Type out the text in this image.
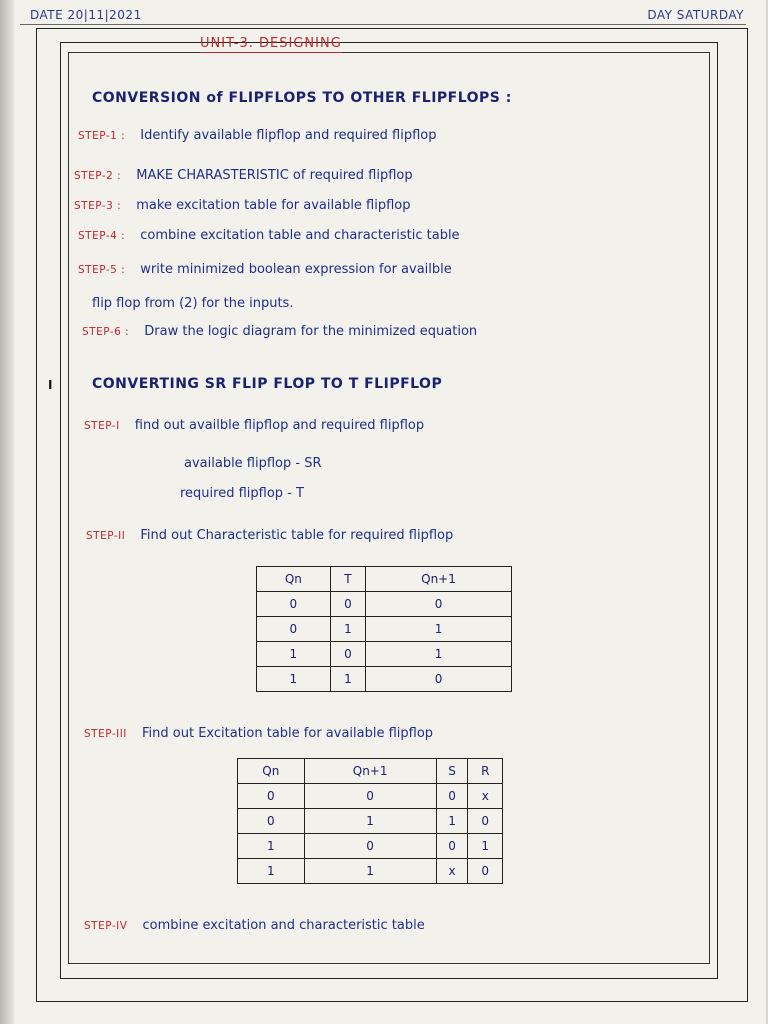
DATE 20|11|2021	DAY SATURDAY
UNIT-3. DESIGNING
CONVERSION of FLIPFLOPS TO OTHER FLIPFLOPS :
STEP-1 : Identify available flipflop and required flipflop
STEP-2 : MAKE CHARASTERISTIC of required flipflop
STEP-3 : make excitation table for available flipflop
STEP-4 : combine excitation table and characteristic table
STEP-5 : write minimized boolean expression for availble
flip flop from (2) for the inputs.
STEP-6 : Draw the logic diagram for the minimized equation
I	CONVERTING SR FLIP FLOP TO T FLIPFLOP
STEP-I find out availble flipflop and required flipflop
available flipflop - SR
required flipflop - T
STEP-II Find out Characteristic table for required flipflop
Qn	T	Qn+1
0	0	0
0	1	1
1	0	1
1	1	0
STEP-III Find out Excitation table for available flipflop
Qn	Qn+1	S	R
0	0	0	x
0	1	1	0
1	0	0	1
1	1	x	0
STEP-IV combine excitation and characteristic table
